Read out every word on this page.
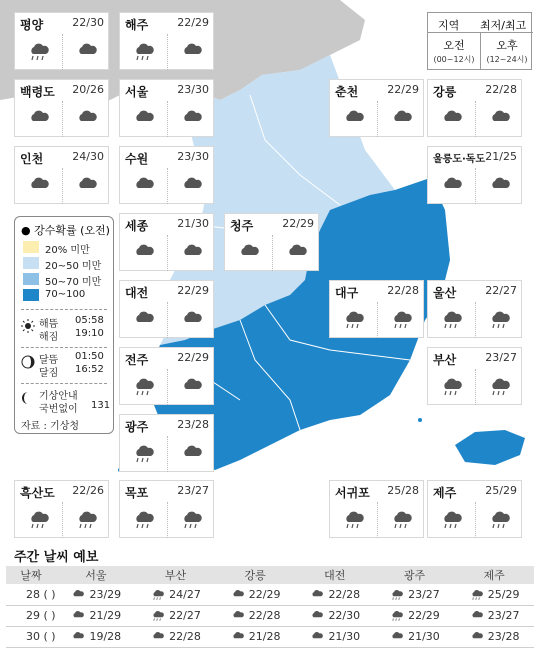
지역 최저/최고
오전
(00~12시)
오후
(12~24시)
● 강수확률 (오전)
20% 미만
20~50 미만
50~70 미만
70~100
해뜸	05:58
해짐	19:10
달뜸	01:50
달짐	16:52
기상안내
국번없이	131
자료 : 기상청
평양	22/30 해주	22/29
백령도 20/26 서울	23/30	춘천	22/29 강릉	22/28
인천	24/30 수원	23/30	울릉도·독도 21/25
세종	21/30 청주	22/29
대전	22/29	대구	22/28 울산	22/27
전주	22/29	부산	23/27
광주	23/28
흑산도 22/26 목포	23/27	서귀포 25/28 제주	25/29
주간 날씨 예보
날짜	서울	부산	강릉	대전	광주	제주
28 ( )	23/29	24/27	22/29	22/28	23/27	25/29
29 ( )	21/29	22/27	22/28	22/30	22/29	23/27
30 ( )	19/28	22/28	21/28	21/30	21/30	23/28
